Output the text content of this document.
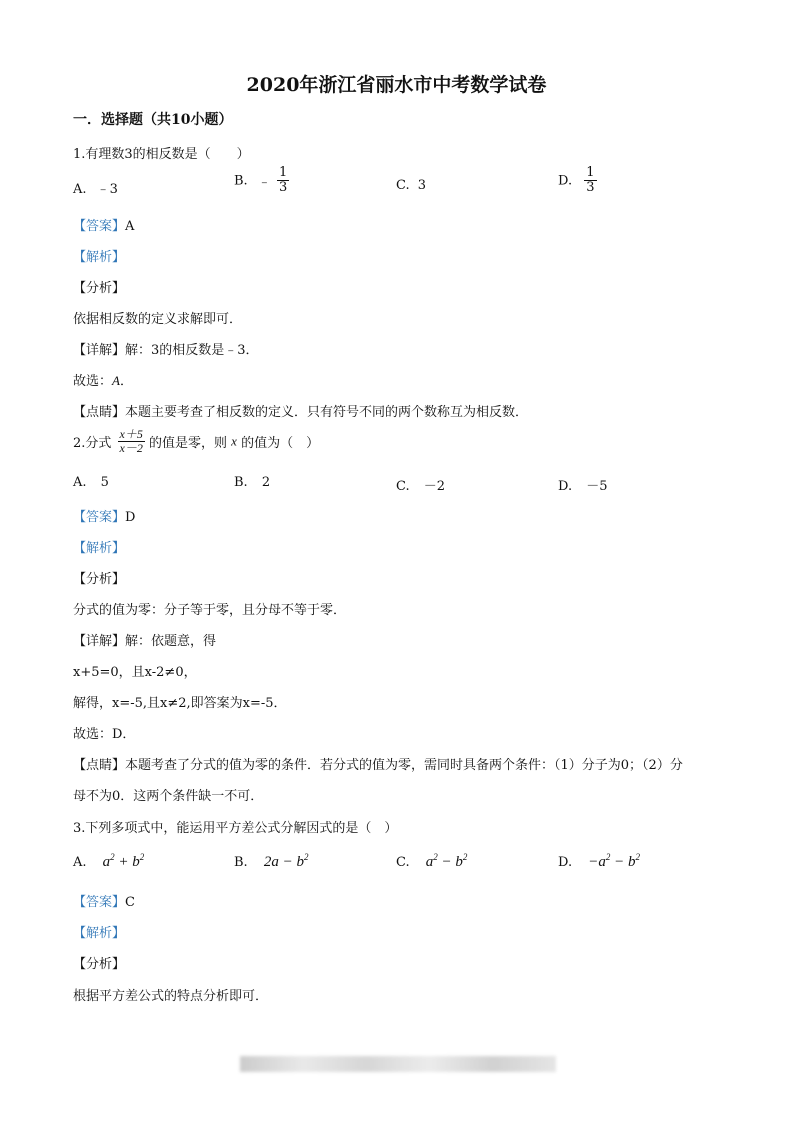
2020年浙江省丽水市中考数学试卷
一．选择题（共10小题）
1.有理数3的相反数是（　　）
A. ﹣3
B. ﹣ $\frac{1}{3}$	C. 3	D. $\frac{1}{3}$
【答案】A
【解析】
【分析】
依据相反数的定义求解即可．
【详解】解：3的相反数是﹣3．
故选：A．
【点睛】本题主要考查了相反数的定义．只有符号不同的两个数称互为相反数．
2.分式 $\frac{x+5}{x-2}$ 的值是零，则 x 的值为（　）
A. 5	B. 2	C. －2	D. －5
【答案】D
【解析】
【分析】
分式的值为零：分子等于零，且分母不等于零．
【详解】解：依题意，得
x+5=0，且x-2≠0，
解得，x=-5,且x≠2,即答案为x=-5．
故选：D．
【点睛】本题考查了分式的值为零的条件．若分式的值为零，需同时具备两个条件：（1）分子为0；（2）分
母不为0．这两个条件缺一不可．
3.下列多项式中，能运用平方差公式分解因式的是（　）
A. $a^2 + b^2$	B. $2a - b^2$	C. $a^2 - b^2$	D. $-a^2 - b^2$
【答案】C
【解析】
【分析】
根据平方差公式的特点分析即可．
